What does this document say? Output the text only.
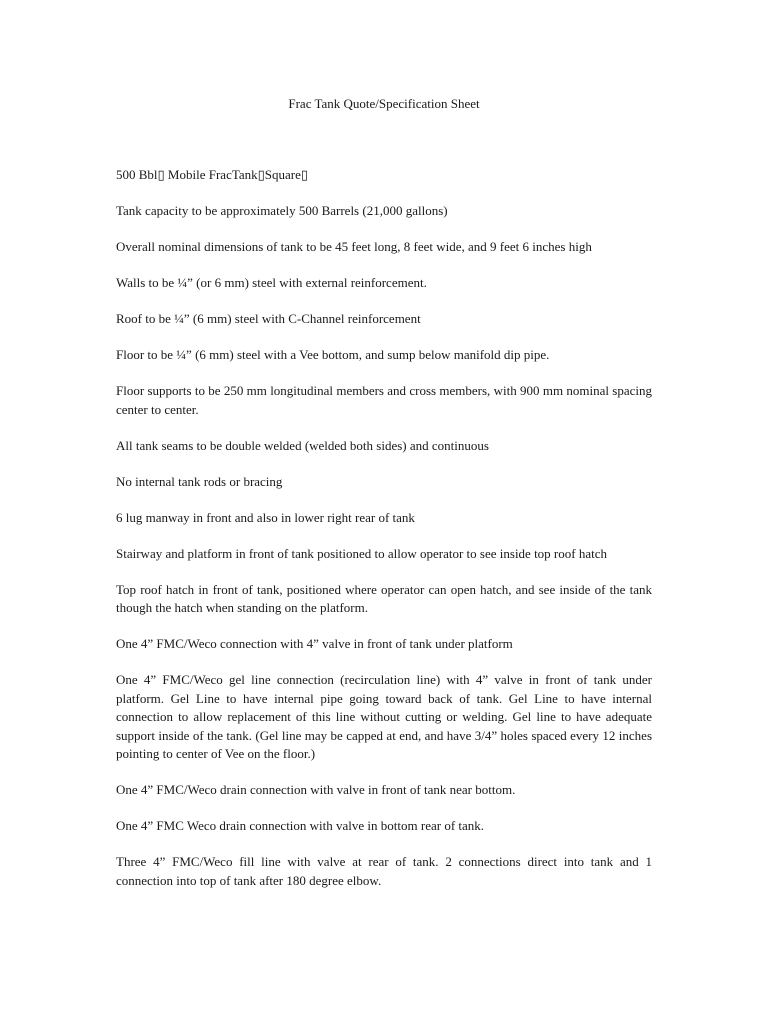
Frac Tank Quote/Specification Sheet

500 Bbl▯ Mobile FracTank▯Square▯

Tank capacity to be approximately 500 Barrels (21,000 gallons)

Overall nominal dimensions of tank to be 45 feet long, 8 feet wide, and 9 feet 6 inches high

Walls to be ¼” (or 6 mm) steel with external reinforcement.

Roof to be ¼” (6 mm) steel with C-Channel reinforcement

Floor to be ¼” (6 mm) steel with a Vee bottom, and sump below manifold dip pipe.

Floor supports to be 250 mm longitudinal members and cross members, with 900 mm nominal spacing center to center.

All tank seams to be double welded (welded both sides) and continuous

No internal tank rods or bracing

6 lug manway in front and also in lower right rear of tank

Stairway and platform in front of tank positioned to allow operator to see inside top roof hatch

Top roof hatch in front of tank, positioned where operator can open hatch, and see inside of the tank though the hatch when standing on the platform.

One 4” FMC/Weco connection with 4” valve in front of tank under platform

One 4” FMC/Weco gel line connection (recirculation line) with 4” valve in front of tank under platform. Gel Line to have internal pipe going toward back of tank. Gel Line to have internal connection to allow replacement of this line without cutting or welding. Gel line to have adequate support inside of the tank. (Gel line may be capped at end, and have 3/4” holes spaced every 12 inches pointing to center of Vee on the floor.)

One 4” FMC/Weco drain connection with valve in front of tank near bottom.

One 4” FMC Weco drain connection with valve in bottom rear of tank.

Three 4” FMC/Weco fill line with valve at rear of tank. 2 connections direct into tank and 1 connection into top of tank after 180 degree elbow.
